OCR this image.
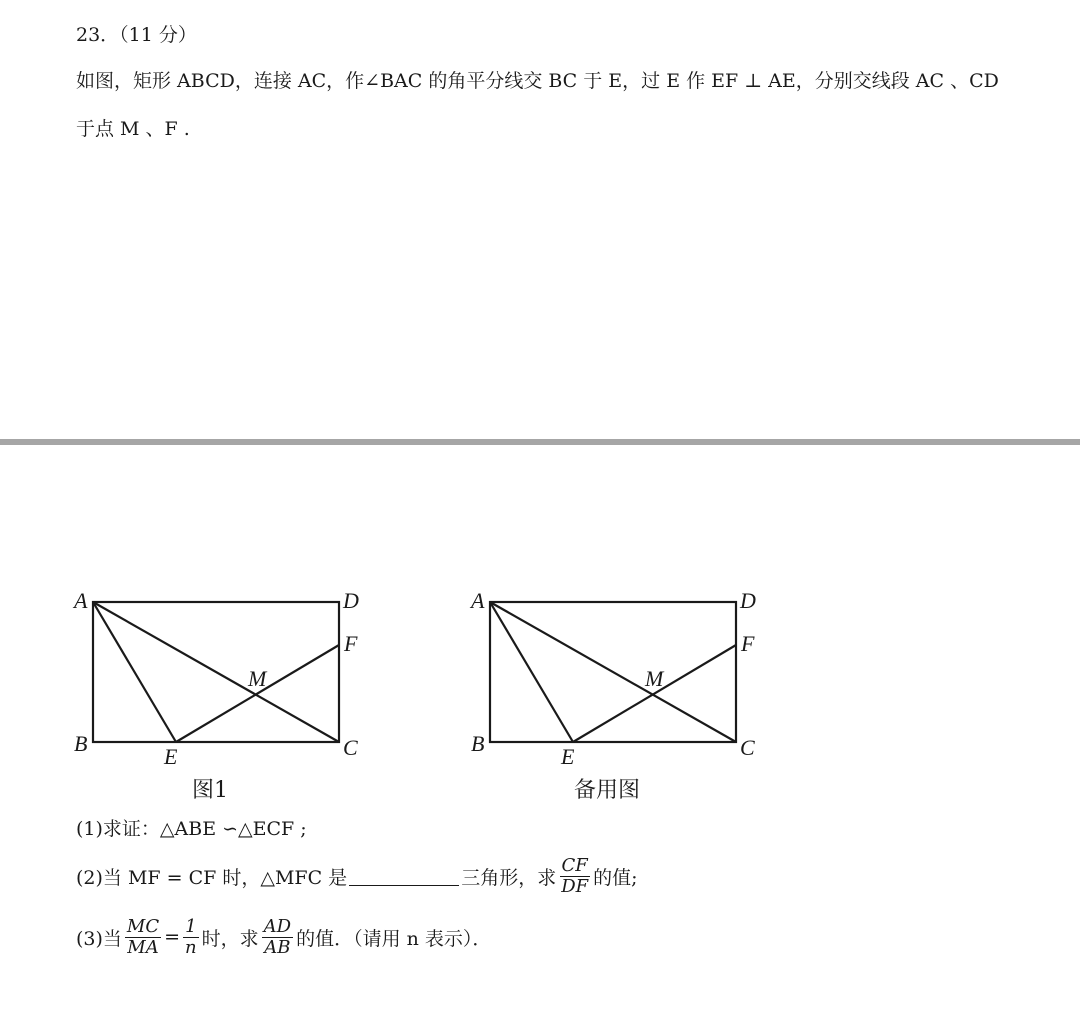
23．（11 分）
如图，矩形 ABCD，连接 AC，作∠BAC 的角平分线交 BC 于 E，过 E 作 EF ⊥ AE，分别交线段 AC 、CD
于点 M 、F .
A	D
F
M
B
E	C
A	D
F
M
B
E	C
图1	备用图
(1)求证：△ABE ∽△ECF ;
(2)当 MF = CF 时，△MFC 是	三角形，求 $\frac{CF}{DF}$ 的值;
(3)当 $\frac{MC}{MA} = \frac{1}{n}$ 时，求 $\frac{AD}{AB}$ 的值．（请用 n 表示）．
